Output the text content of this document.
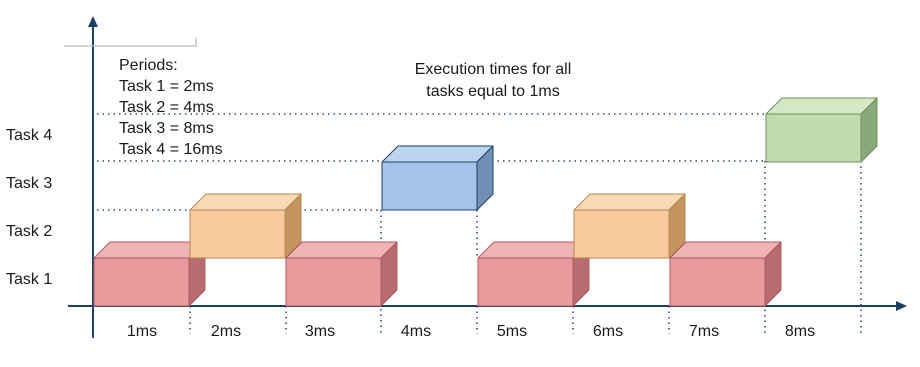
Task 4
Task 3
Task 2
Task 1
1ms	2ms	3ms	4ms	5ms	6ms	7ms	8ms
Periods:
Task 1 = 2ms
Task 2 = 4ms
Task 3 = 8ms
Task 4 = 16ms
Execution times for all
tasks equal to 1ms
